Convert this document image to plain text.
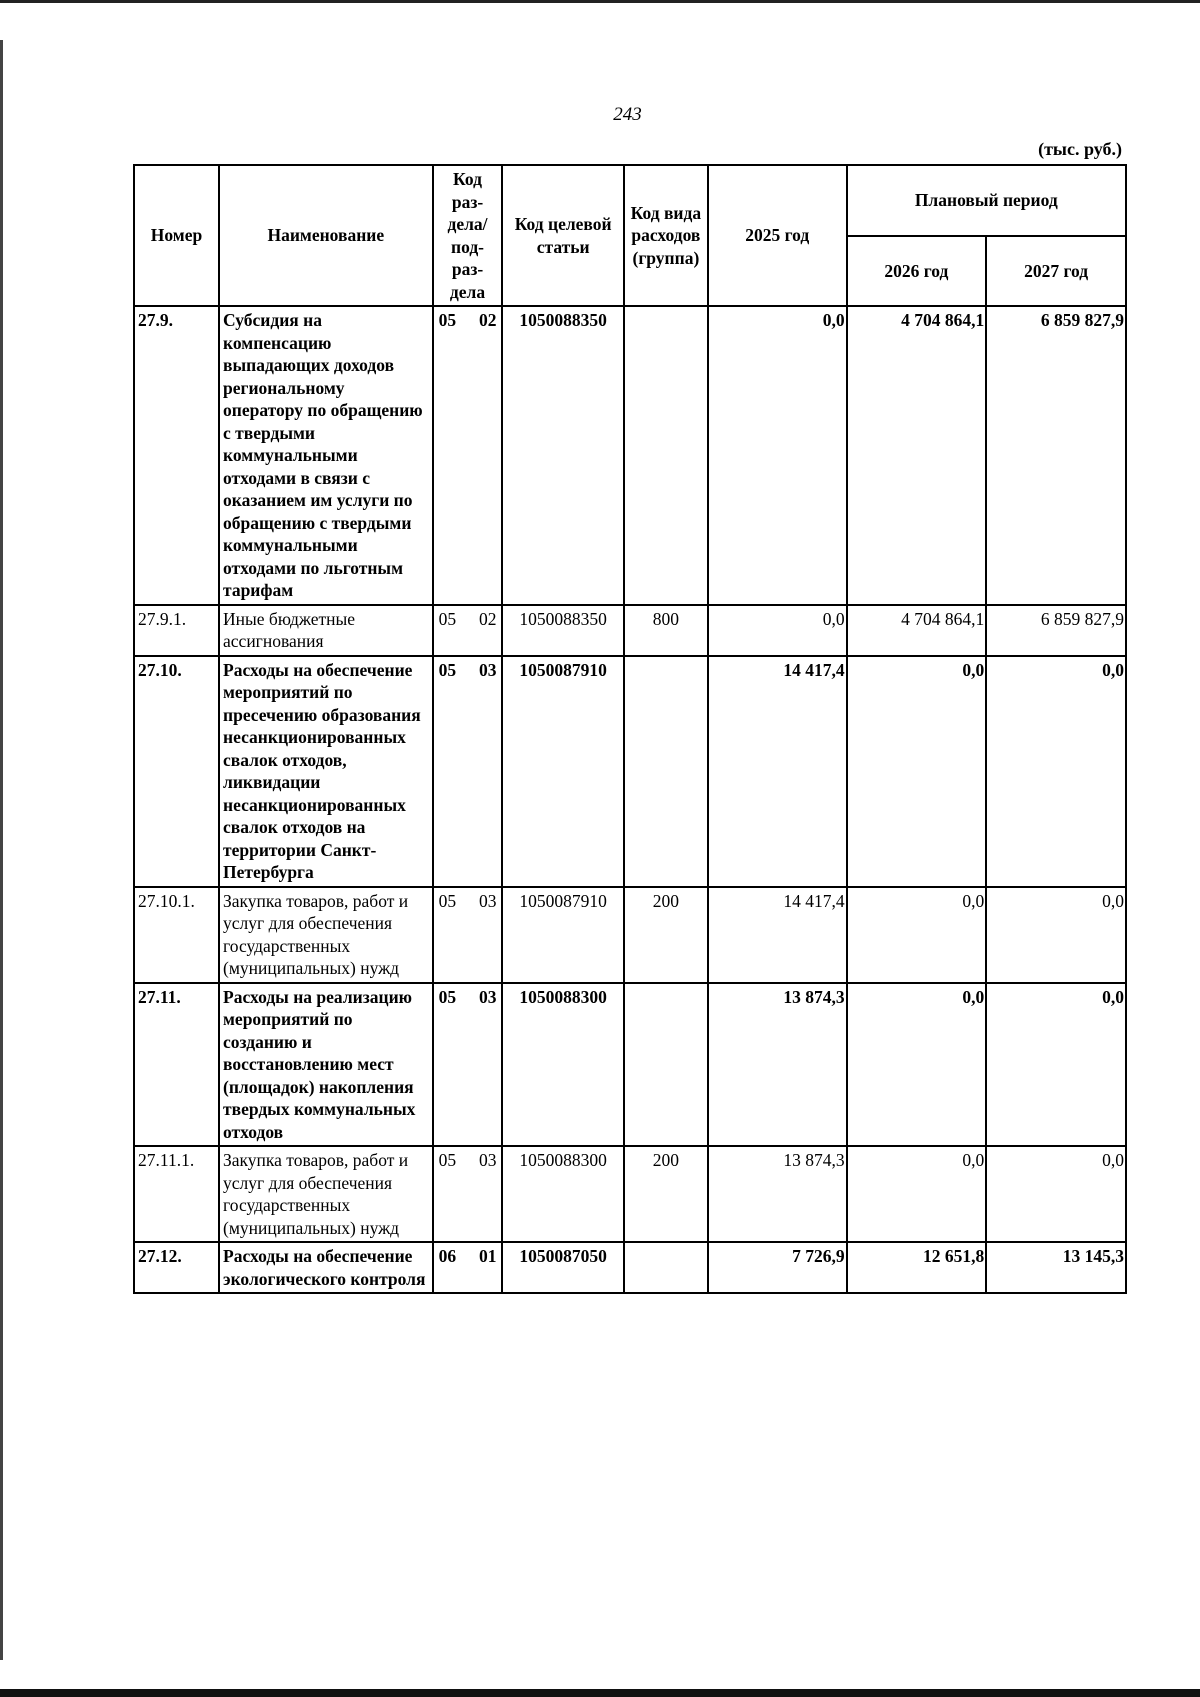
243
(тыс. руб.)
Номер	Наименование	Код раз-дела/ под-раз-дела	Код целевой статьи	Код вида расходов (группа)	2025 год	Плановый период	
						2026 год	2027 год
27.9.	Субсидия на компенсацию выпадающих доходов региональному оператору по обращению с твердыми коммунальными отходами в связи с оказанием им услуги по обращению с твердыми коммунальными отходами по льготным тарифам	05 02	1050088350		0,0	4 704 864,1	6 859 827,9
27.9.1.	Иные бюджетные ассигнования	05 02	1050088350	800	0,0	4 704 864,1	6 859 827,9
27.10.	Расходы на обеспечение мероприятий по пресечению образования несанкционированных свалок отходов, ликвидации несанкционированных свалок отходов на территории Санкт-Петербурга	05 03	1050087910		14 417,4	0,0	0,0
27.10.1.	Закупка товаров, работ и услуг для обеспечения государственных (муниципальных) нужд	05 03	1050087910	200	14 417,4	0,0	0,0
27.11.	Расходы на реализацию мероприятий по созданию и восстановлению мест (площадок) накопления твердых коммунальных отходов	05 03	1050088300		13 874,3	0,0	0,0
27.11.1.	Закупка товаров, работ и услуг для обеспечения государственных (муниципальных) нужд	05 03	1050088300	200	13 874,3	0,0	0,0
27.12.	Расходы на обеспечение экологического контроля	06 01	1050087050		7 726,9	12 651,8	13 145,3
